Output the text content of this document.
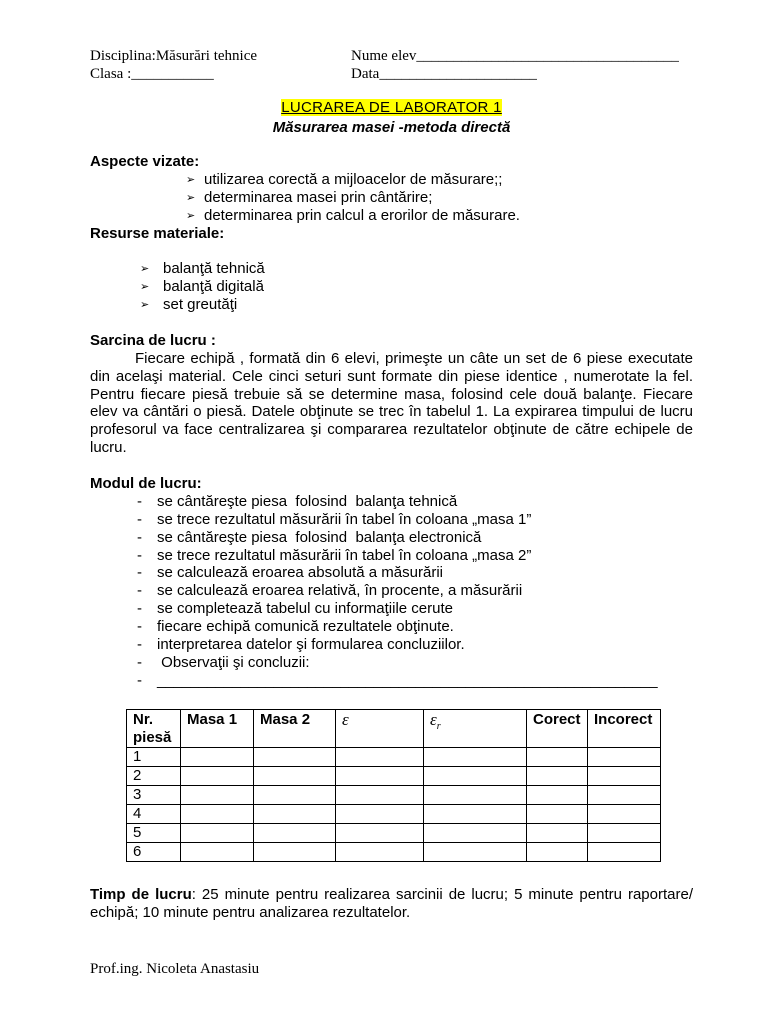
Disciplina:Măsurări tehnice
Clasa :___________
Nume elev___________________________________
Data_____________________
LUCRAREA DE LABORATOR 1
Măsurarea masei -metoda directă
Aspecte vizate:
➢
utilizarea corectă a mijloacelor de măsurare;;
➢
determinarea masei prin cântărire;
➢
determinarea prin calcul a erorilor de măsurare.
Resurse materiale:
➢
balanţă tehnică
➢
balanţă digitală
➢
set greutăţi
Sarcina de lucru :
Fiecare echipă , formată din 6 elevi, primeşte un câte un set de 6 piese executate
din acelaşi material. Cele cinci seturi sunt formate din piese identice , numerotate la fel.
Pentru fiecare piesă trebuie să se determine masa, folosind cele două balanţe. Fiecare
elev va cântări o piesă. Datele obţinute se trec în tabelul 1. La expirarea timpului de lucru
profesorul va face centralizarea şi compararea rezultatelor obţinute de către echipele de
lucru.
Modul de lucru:
-
se cântăreşte piesa  folosind  balanţa tehnică
-
se trece rezultatul măsurării în tabel în coloana „masa 1”
-
se cântăreşte piesa  folosind  balanţa electronică
-
se trece rezultatul măsurării în tabel în coloana „masa 2”
-
se calculează eroarea absolută a măsurării
-
se calculează eroarea relativă, în procente, a măsurării
-
se completează tabelul cu informaţiile cerute
-
fiecare echipă comunică rezultatele obţinute.
-
interpretarea datelor şi formularea concluziilor.
-
Observaţii şi concluzii:
-
____________________________________________________________
Nr. piesă	Masa 1	Masa 2	ε	$\varepsilon_r$	Corect	Incorect
1						
2						
3						
4						
5						
6						
Timp de lucru: 25 minute pentru realizarea sarcinii de lucru; 5 minute pentru raportare/
echipă; 10 minute pentru analizarea rezultatelor.
Prof.ing. Nicoleta Anastasiu
